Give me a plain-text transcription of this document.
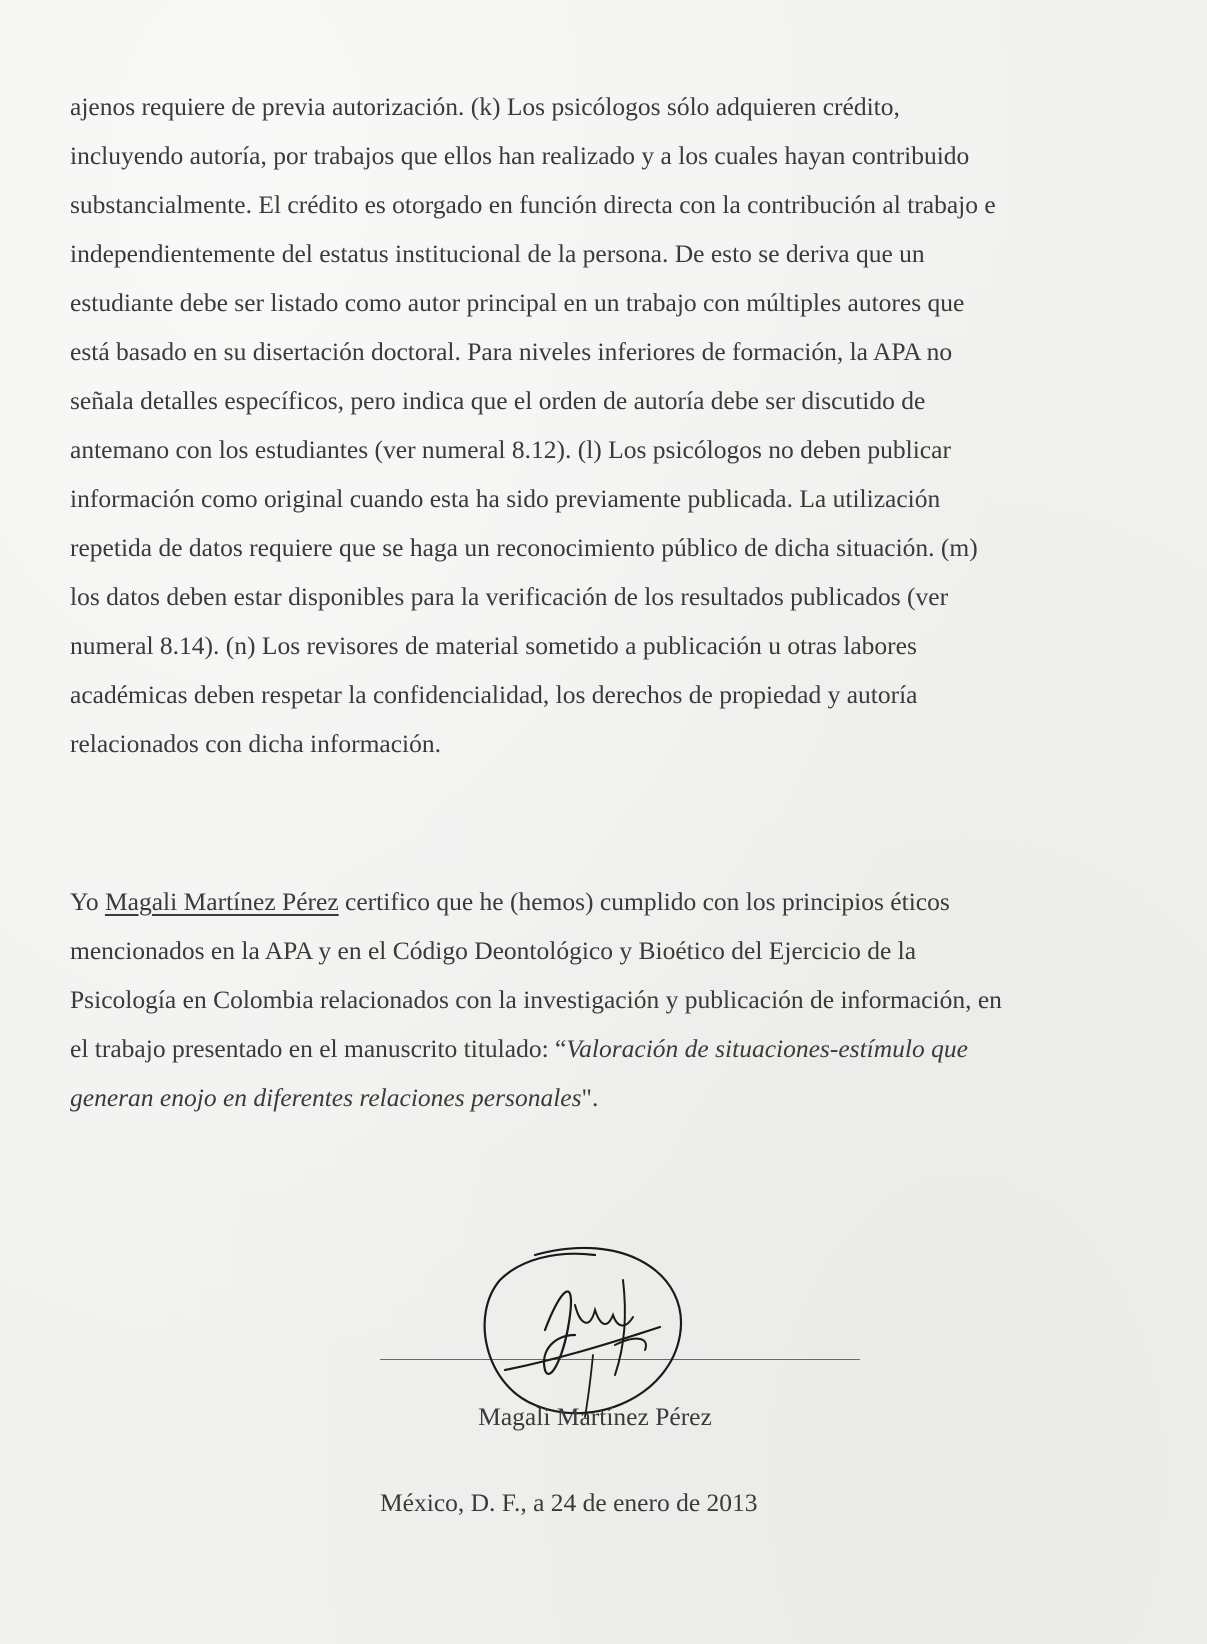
ajenos requiere de previa autorización. (k) Los psicólogos sólo adquieren crédito,
incluyendo autoría, por trabajos que ellos han realizado y a los cuales hayan contribuido
substancialmente. El crédito es otorgado en función directa con la contribución al trabajo e
independientemente del estatus institucional de la persona. De esto se deriva que un
estudiante debe ser listado como autor principal en un trabajo con múltiples autores que
está basado en su disertación doctoral. Para niveles inferiores de formación, la APA no
señala detalles específicos, pero indica que el orden de autoría debe ser discutido de
antemano con los estudiantes (ver numeral 8.12). (l) Los psicólogos no deben publicar
información como original cuando esta ha sido previamente publicada. La utilización
repetida de datos requiere que se haga un reconocimiento público de dicha situación. (m)
los datos deben estar disponibles para la verificación de los resultados publicados (ver
numeral 8.14). (n) Los revisores de material sometido a publicación u otras labores
académicas deben respetar la confidencialidad, los derechos de propiedad y autoría
relacionados con dicha información.
Yo Magali Martínez Pérez certifico que he (hemos) cumplido con los principios éticos
mencionados en la APA y en el Código Deontológico y Bioético del Ejercicio de la
Psicología en Colombia relacionados con la investigación y publicación de información, en
el trabajo presentado en el manuscrito titulado: “Valoración de situaciones-estímulo que
generan enojo en diferentes relaciones personales".
Magali Martínez Pérez
México, D. F., a 24 de enero de 2013
